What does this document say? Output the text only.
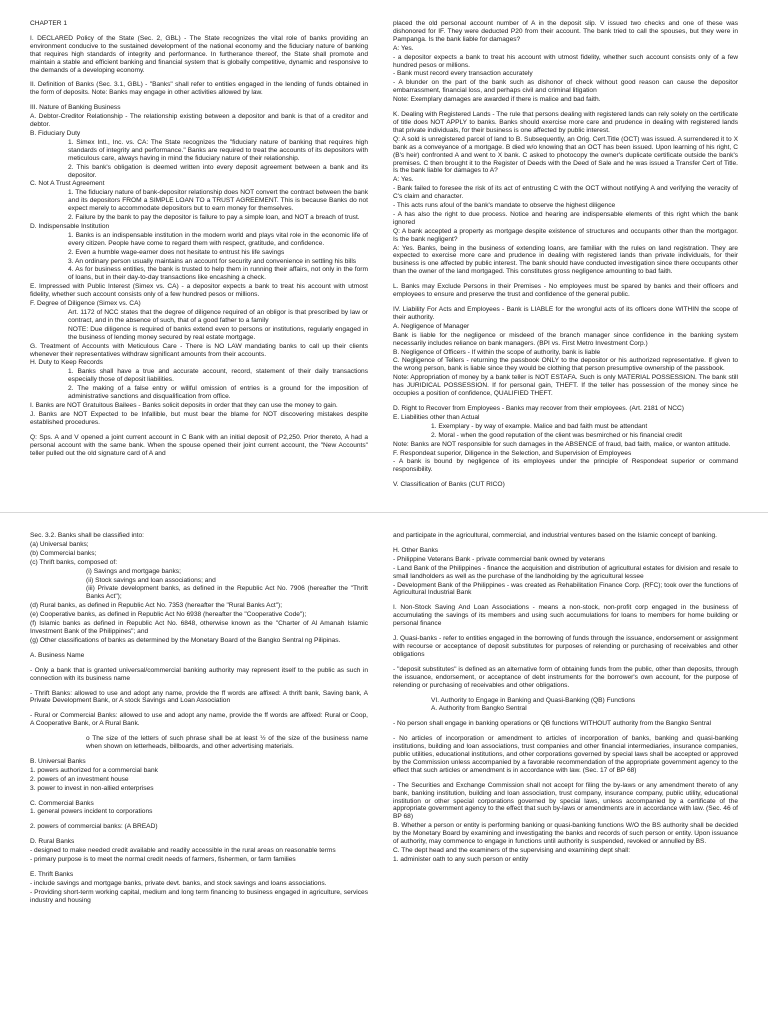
CHAPTER 1

I. DECLARED Policy of the State (Sec. 2, GBL) - The State recognizes the vital role of banks providing an environment conducive to the sustained development of the national economy and the fiduciary nature of banking that requires high standards of integrity and performance. In furtherance thereof, the State shall promote and maintain a stable and efficient banking and financial system that is globally competitive, dynamic and responsive to the demands of a developing economy.

II. Definition of Banks (Sec. 3.1, GBL) - "Banks" shall refer to entities engaged in the lending of funds obtained in the form of deposits. Note: Banks may engage in other activities allowed by law.

III. Nature of Banking Business

A. Debtor-Creditor Relationship - The relationship existing between a depositor and bank is that of a creditor and debtor.

B. Fiduciary Duty

1. Simex Intl., Inc. vs. CA: The State recognizes the "fiduciary nature of banking that requires high standards of integrity and performance." Banks are required to treat the accounts of its depositors with meticulous care, always having in mind the fiduciary nature of their relationship.

2. This bank's obligation is deemed written into every deposit agreement between a bank and its depositor.

C. Not A Trust Agreement

1. The fiduciary nature of bank-depositor relationship does NOT convert the contract between the bank and its depositors FROM a SIMPLE LOAN TO a TRUST AGREEMENT. This is because Banks do not expect merely to accommodate depositors but to earn money for themselves.

2. Failure by the bank to pay the depositor is failure to pay a simple loan, and NOT a breach of trust.

D. Indispensable Institution

1. Banks is an indispensable institution in the modern world and plays vital role in the economic life of every citizen. People have come to regard them with respect, gratitude, and confidence.

2. Even a humble wage-earner does not hesitate to entrust his life savings

3. An ordinary person usually maintains an account for security and convenience in settling his bills

4. As for business entities, the bank is trusted to help them in running their affairs, not only in the form of loans, but in their day-to-day transactions like encashing a check.

E. Impressed with Public Interest (Simex vs. CA) - a depositor expects a bank to treat his account with utmost fidelity, whether such account consists only of a few hundred pesos or millions.

F. Degree of Diligence (Simex vs. CA)

Art. 1172 of NCC states that the degree of diligence required of an obligor is that prescribed by law or contract, and in the absence of such, that of a good father to a family

NOTE: Due diligence is required of banks extend even to persons or institutions, regularly engaged in the business of lending money secured by real estate mortgage.

G. Treatment of Accounts with Meticulous Care - There is NO LAW mandating banks to call up their clients whenever their representatives withdraw significant amounts from their accounts.

H. Duty to Keep Records

1. Banks shall have a true and accurate account, record, statement of their daily transactions especially those of deposit liabilities.

2. The making of a false entry or willful omission of entries is a ground for the imposition of administrative sanctions and disqualification from office.

I. Banks are NOT Gratuitous Bailees - Banks solicit deposits in order that they can use the money to gain.

J. Banks are NOT Expected to be Infallible, but must bear the blame for NOT discovering mistakes despite established procedures.

Q: Sps. A and V opened a joint current account in C Bank with an initial deposit of P2,250. Prior thereto, A had a personal account with the same bank. When the spouse opened their joint current account, the "New Accounts" teller pulled out the old signature card of A and

placed the old personal account number of A in the deposit slip. V issued two checks and one of these was dishonored for IF. They were deducted P20 from their account. The bank tried to call the spouses, but they were in Pampanga. Is the bank liable for damages?

A: Yes.

- a depositor expects a bank to treat his account with utmost fidelity, whether such account consists only of a few hundred pesos or millions.

- Bank must record every transaction accurately

- A blunder on the part of the bank such as dishonor of check without good reason can cause the depositor embarrassment, financial loss, and perhaps civil and criminal litigation

Note: Exemplary damages are awarded if there is malice and bad faith.

K. Dealing with Registered Lands - The rule that persons dealing with registered lands can rely solely on the certificate of title does NOT APPLY to banks. Banks should exercise more care and prudence in dealing with registered lands that private individuals, for their business is one affected by public interest.

Q: A sold is unregistered parcel of land to B. Subsequently, an Orig. Cert.Title (OCT) was issued. A surrendered it to X bank as a conveyance of a mortgage. B died w/o knowing that an OCT has been issued. Upon learning of his right, C (B's heir) confronted A and went to X bank. C asked to photocopy the owner's duplicate certificate outside the bank's premises. C then brought it to the Register of Deeds with the Deed of Sale and he was issued a Transfer Cert of Title. Is the bank liable for damages to A?

A: Yes.

- Bank failed to foresee the risk of its act of entrusting C with the OCT without notifying A and verifying the veracity of C's claim and character.

- This acts runs afoul of the bank's mandate to observe the highest diligence

- A has also the right to due process. Notice and hearing are indispensable elements of this right which the bank ignored

Q: A bank accepted a property as mortgage despite existence of structures and occupants other than the mortgagor. Is the bank negligent?

A: Yes. Banks, being in the business of extending loans, are familiar with the rules on land registration. They are expected to exercise more care and prudence in dealing with registered lands than private individuals, for their business is one affected by public interest. The bank should have conducted investigation since there occupants other than the owner of the land mortgaged. This constitutes gross negligence amounting to bad faith.

L. Banks may Exclude Persons in their Premises - No employees must be spared by banks and their officers and employees to ensure and preserve the trust and confidence of the general public.

IV. Liability For Acts and Employees - Bank is LIABLE for the wrongful acts of its officers done WITHIN the scope of their authority.

A. Negligence of Manager

Bank is liable for the negligence or misdeed of the branch manager since confidence in the banking system necessarily includes reliance on bank managers. (BPI vs. First Metro Investment Corp.)

B. Negligence of Officers - If within the scope of authority, bank is liable

C. Negligence of Tellers - returning the passbook ONLY to the depositor or his authorized representative. If given to the wrong person, bank is liable since they would be clothing that person presumptive ownership of the passbook.

Note: Appropriation of money by a bank teller is NOT ESTAFA. Such is only MATERIAL POSSESSION. The bank still has JURIDICAL POSSESSION. If for personal gain, THEFT. If the teller has possession of the money since he occupies a position of confidence, QUALIFIED THEFT.

D. Right to Recover from Employees - Banks may recover from their employees. (Art. 2181 of NCC)

E. Liabilities other than Actual

1. Exemplary - by way of example. Malice and bad faith must be attendant

2. Moral - when the good reputation of the client was besmirched or his financial credit

Note: Banks are NOT responsible for such damages in the ABSENCE of fraud, bad faith, malice, or wanton attitude.

F. Respondeat superior, Diligence in the Selection, and Supervision of Employees

- A bank is bound by negligence of its employees under the principle of Respondeat superior or command responsibility.

V. Classification of Banks (CUT RICO)

Sec. 3.2. Banks shall be classified into:

(a) Universal banks;

(b) Commercial banks;

(c) Thrift banks, composed of:

(i) Savings and mortgage banks;

(ii) Stock savings and loan associations; and

(iii) Private development banks, as defined in the Republic Act No. 7906 (hereafter the "Thrift Banks Act");

(d) Rural banks, as defined in Republic Act No. 7353 (hereafter the "Rural Banks Act");

(e) Cooperative banks, as defined in Republic Act No 6938 (hereafter the "Cooperative Code");

(f) Islamic banks as defined in Republic Act No. 6848, otherwise known as the "Charter of Al Amanah Islamic Investment Bank of the Philippines"; and

(g) Other classifications of banks as determined by the Monetary Board of the Bangko Sentral ng Pilipinas.

A. Business Name

- Only a bank that is granted universal/commercial banking authority may represent itself to the public as such in connection with its business name

- Thrift Banks: allowed to use and adopt any name, provide the ff words are affixed: A thrift bank, Saving bank, A Private Development Bank, or A stock Savings and Loan Association

- Rural or Commercial Banks: allowed to use and adopt any name, provide the ff words are affixed: Rural or Coop, A Cooperative Bank, or A Rural Bank.

o The size of the letters of such phrase shall be at least ½ of the size of the business name when shown on letterheads, billboards, and other advertising materials.

B. Universal Banks

1. powers authorized for a commercial bank

2. powers of an investment house

3. power to invest in non-allied enterprises

C. Commercial Banks

1. general powers incident to corporations

2. powers of commercial banks: (A BREAD)

D. Rural Banks

- designed to make needed credit available and readily accessible in the rural areas on reasonable terms

- primary purpose is to meet the normal credit needs of farmers, fishermen, or farm families

E. Thrift Banks

- include savings and mortgage banks, private devt. banks, and stock savings and loans associations.

- Providing short-term working capital, medium and long term financing to business engaged in agriculture, services industry and housing

and participate in the agricultural, commercial, and industrial ventures based on the Islamic concept of banking.

H. Other Banks

- Philippine Veterans Bank - private commercial bank owned by veterans

- Land Bank of the Philippines - finance the acquisition and distribution of agricultural estates for division and resale to small landholders as well as the purchase of the landholding by the agricultural lessee

- Development Bank of the Philippines - was created as Rehabilitation Finance Corp. (RFC); took over the functions of Agricultural Industrial Bank

I. Non-Stock Saving And Loan Associations - means a non-stock, non-profit corp engaged in the business of accumulating the savings of its members and using such accumulations for loans to members for home building or personal finance

J. Quasi-banks - refer to entities engaged in the borrowing of funds through the issuance, endorsement or assignment with recourse or acceptance of deposit substitutes for purposes of relending or purchasing of receivables and other obligations

- "deposit substitutes" is defined as an alternative form of obtaining funds from the public, other than deposits, through the issuance, endorsement, or acceptance of debt instruments for the borrower's own account, for the purpose of relending or purchasing of receivables and other obligations.

VI. Authority to Engage in Banking and Quasi-Banking (QB) Functions

A. Authority from Bangko Sentral

- No person shall engage in banking operations or QB functions WITHOUT authority from the Bangko Sentral

- No articles of incorporation or amendment to articles of incorporation of banks, banking and quasi-banking institutions, building and loan associations, trust companies and other financial intermediaries, insurance companies, public utilities, educational institutions, and other corporations governed by special laws shall be accepted or approved by the Commission unless accompanied by a favorable recommendation of the appropriate government agency to the effect that such articles or amendment is in accordance with law. (Sec. 17 of BP 68)

- The Securities and Exchange Commission shall not accept for filing the by-laws or any amendment thereto of any bank, banking institution, building and loan association, trust company, insurance company, public utility, educational institution or other special corporations governed by special laws, unless accompanied by a certificate of the appropriate government agency to the effect that such by-laws or amendments are in accordance with law. (Sec. 46 of BP 68)

B. Whether a person or entity is performing banking or quasi-banking functions W/O the BS authority shall be decided by the Monetary Board by examining and investigating the banks and records of such person or entity. Upon issuance of authority, may commence to engage in functions until authority is suspended, revoked or annulled by BS.

C. The dept head and the examiners of the supervising and examining dept shall:

1. administer oath to any such person or entity
